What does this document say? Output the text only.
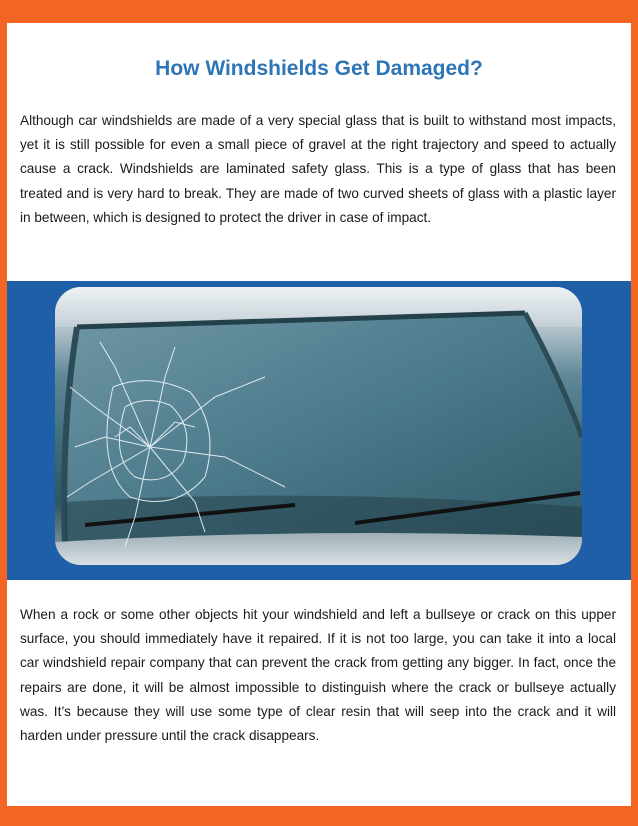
How Windshields Get Damaged?

Although car windshields are made of a very special glass that is built to withstand most impacts, yet it is still possible for even a small piece of gravel at the right trajectory and speed to actually cause a crack. Windshields are laminated safety glass. This is a type of glass that has been treated and is very hard to break. They are made of two curved sheets of glass with a plastic layer in between, which is designed to protect the driver in case of impact.

When a rock or some other objects hit your windshield and left a bullseye or crack on this upper surface, you should immediately have it repaired. If it is not too large, you can take it into a local car windshield repair company that can prevent the crack from getting any bigger. In fact, once the repairs are done, it will be almost impossible to distinguish where the crack or bullseye actually was. It’s because they will use some type of clear resin that will seep into the crack and it will harden under pressure until the crack disappears.
